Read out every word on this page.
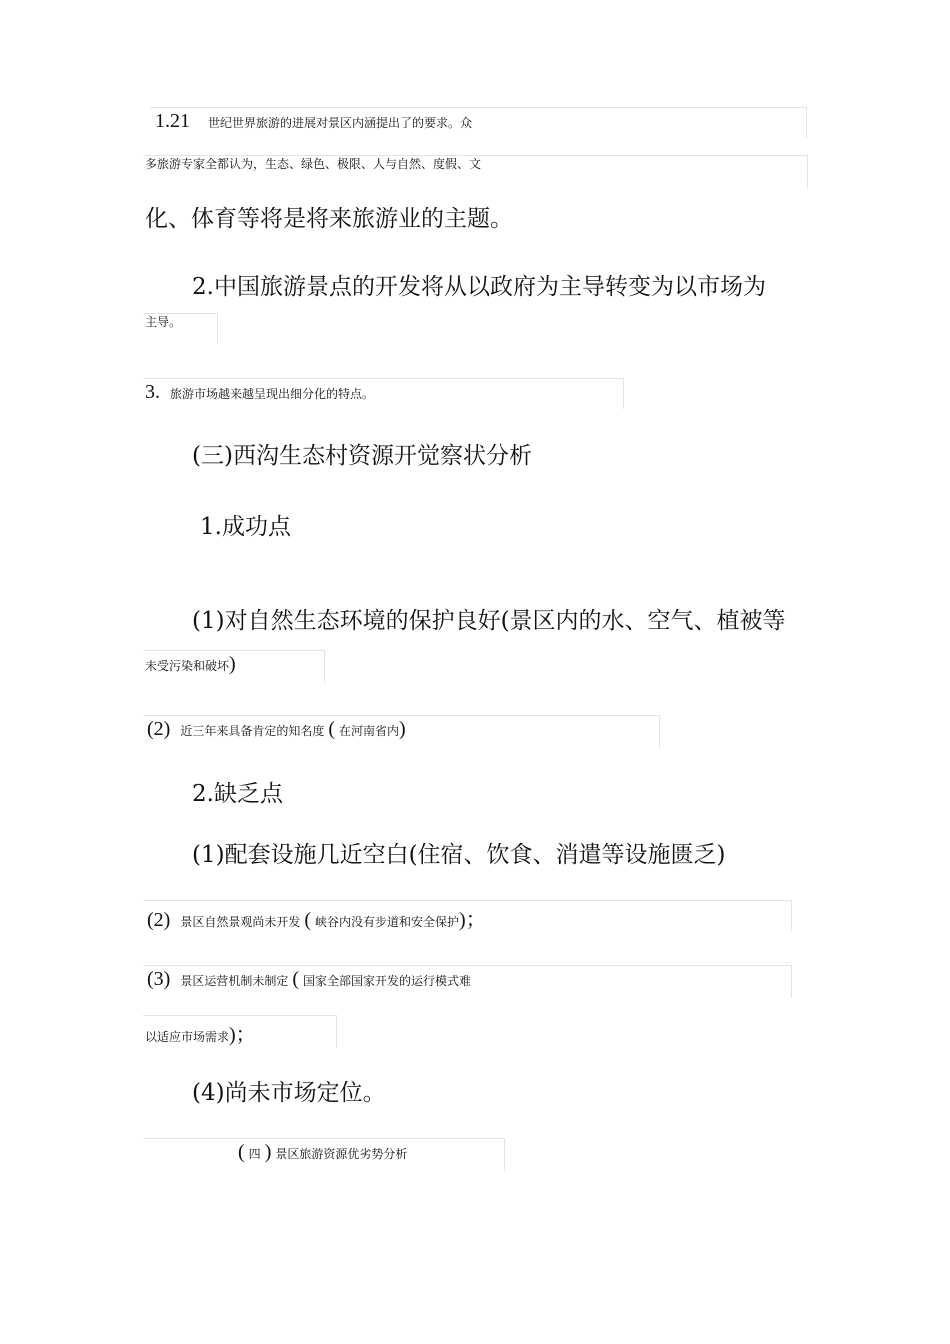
1.21 世纪世界旅游的进展对景区内涵提出了的要求。众
多旅游专家全都认为，生态、绿色、极限、人与自然、度假、文
化、体育等将是将来旅游业的主题。
2.中国旅游景点的开发将从以政府为主导转变为以市场为
主导。
3. 旅游市场越来越呈现出细分化的特点。
(三)西沟生态村资源开觉察状分析
1.成功点
(1)对自然生态环境的保护良好(景区内的水、空气、植被等
未受污染和破坏)
(2) 近三年来具备肯定的知名度 ( 在河南省内)
2.缺乏点
(1)配套设施几近空白(住宿、饮食、消遣等设施匮乏)
(2) 景区自然景观尚未开发 ( 峡谷内没有步道和安全保护)；
(3) 景区运营机制未制定 ( 国家全部国家开发的运行模式难
以适应市场需求)；
(4)尚未市场定位。
( 四 ) 景区旅游资源优劣势分析
